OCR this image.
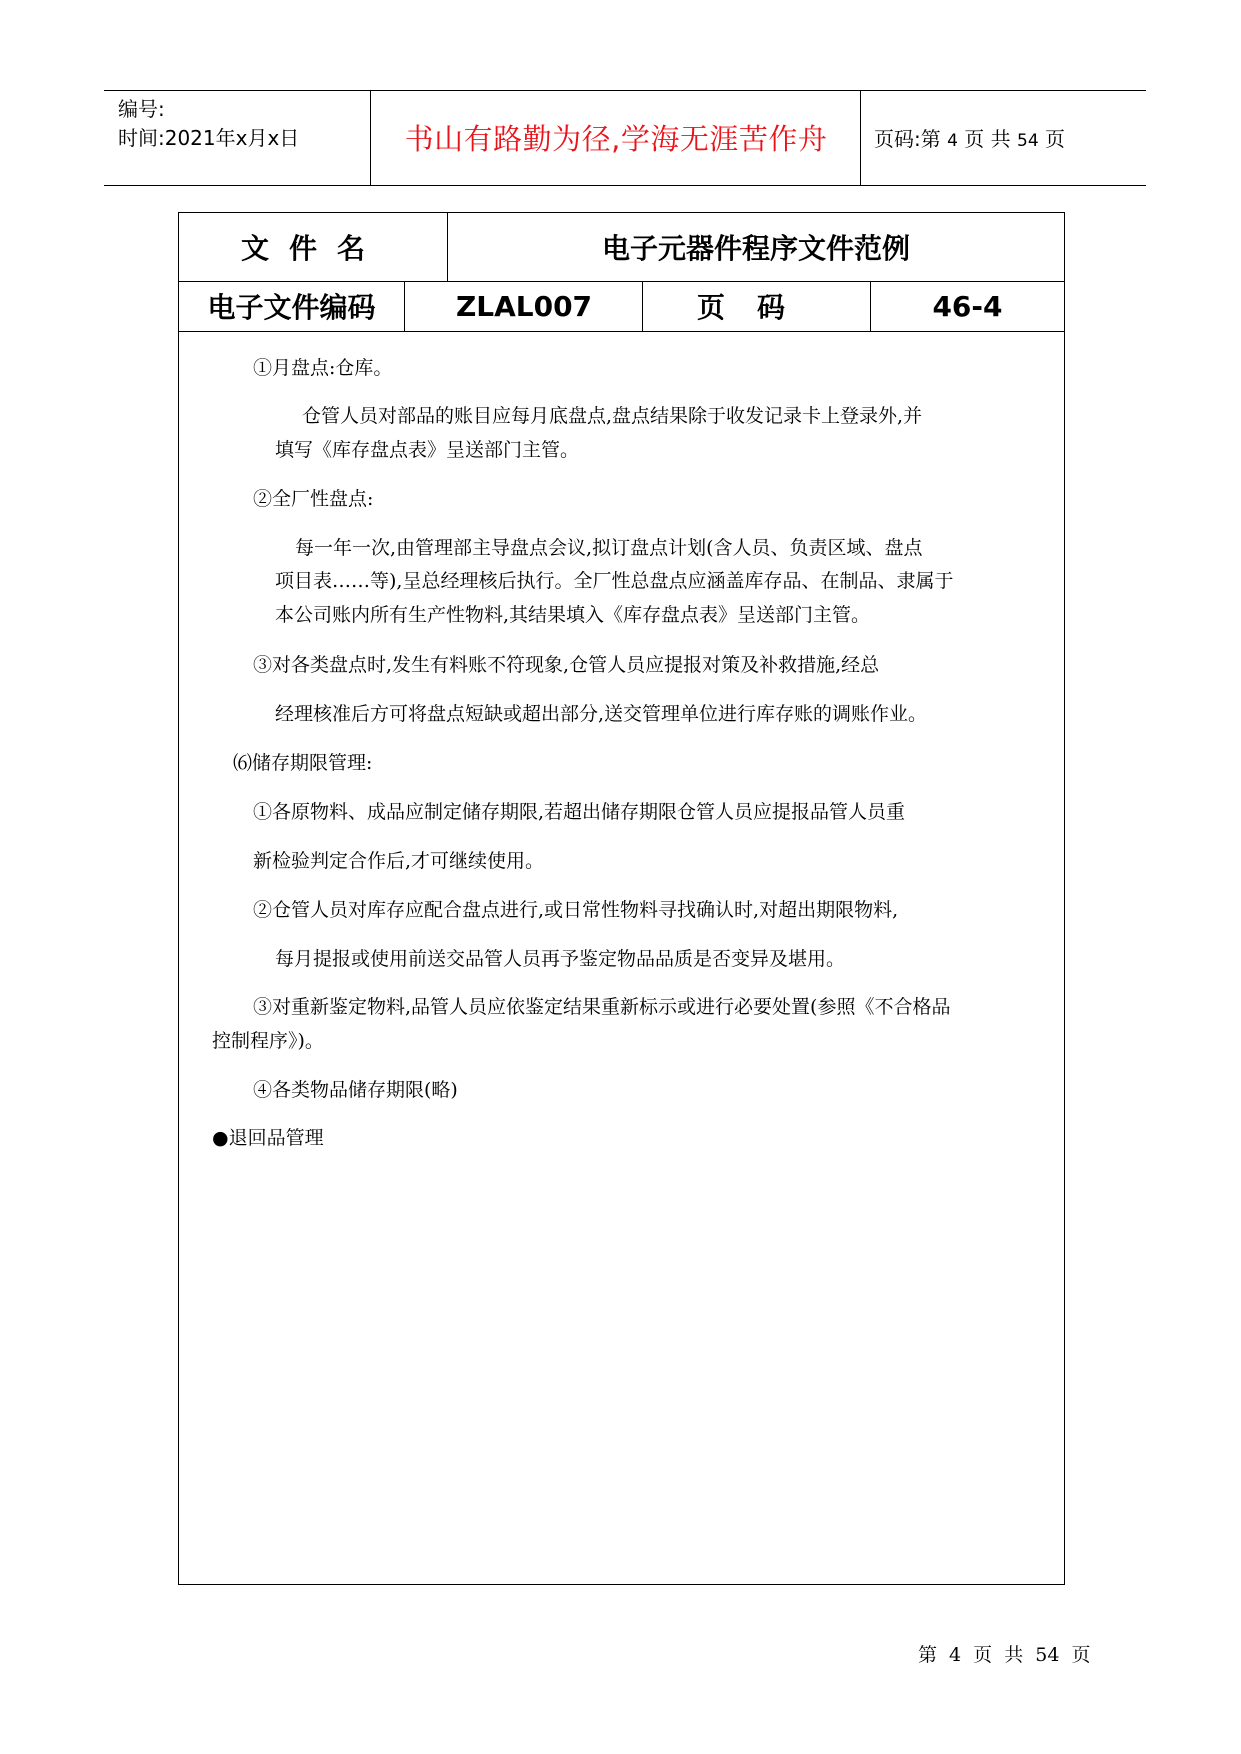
编号:
时间:2021年x月x日	书山有路勤为径,学海无涯苦作舟	页码:第 4 页 共 54 页
文件名	电子元器件程序文件范例
电子文件编码	ZLAL007	页码	46-4
①月盘点:仓库。
仓管人员对部品的账目应每月底盘点,盘点结果除于收发记录卡上登录外,并
填写《库存盘点表》呈送部门主管。
②全厂性盘点:
每一年一次,由管理部主导盘点会议,拟订盘点计划(含人员、负责区域、盘点
项目表……等),呈总经理核后执行。全厂性总盘点应涵盖库存品、在制品、隶属于
本公司账内所有生产性物料,其结果填入《库存盘点表》呈送部门主管。
③对各类盘点时,发生有料账不符现象,仓管人员应提报对策及补救措施,经总
经理核准后方可将盘点短缺或超出部分,送交管理单位进行库存账的调账作业。
⑹储存期限管理:
①各原物料、成品应制定储存期限,若超出储存期限仓管人员应提报品管人员重
新检验判定合作后,才可继续使用。
②仓管人员对库存应配合盘点进行,或日常性物料寻找确认时,对超出期限物料,
每月提报或使用前送交品管人员再予鉴定物品品质是否变异及堪用。
③对重新鉴定物料,品管人员应依鉴定结果重新标示或进行必要处置(参照《不合格品
控制程序》)。
④各类物品储存期限(略)
●退回品管理
第 4 页 共 54 页
